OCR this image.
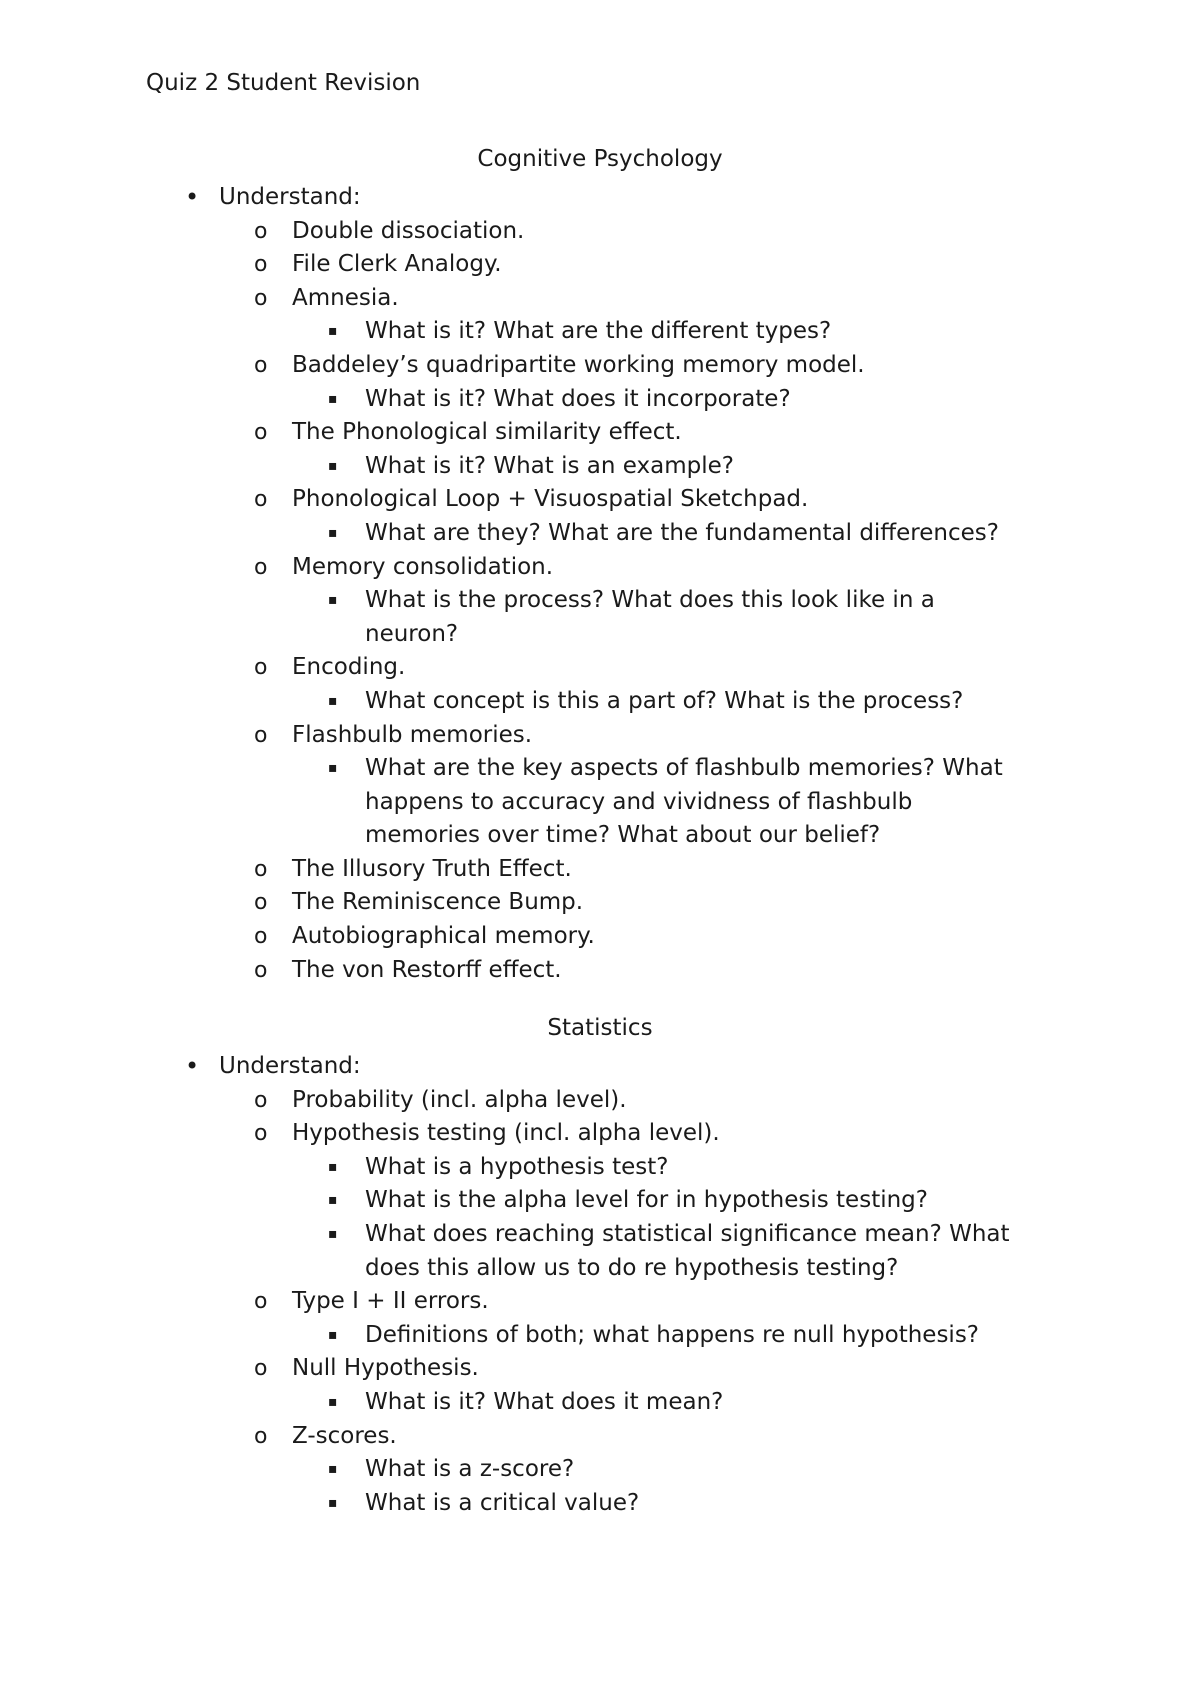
Quiz 2 Student Revision
Cognitive Psychology
• Understand:
o Double dissociation.
o File Clerk Analogy.
o Amnesia.
▪ What is it? What are the different types?
o Baddeley’s quadripartite working memory model.
▪ What is it? What does it incorporate?
o The Phonological similarity effect.
▪ What is it? What is an example?
o Phonological Loop + Visuospatial Sketchpad.
▪ What are they? What are the fundamental differences?
o Memory consolidation.
▪ What is the process? What does this look like in a
neuron?
o Encoding.
▪ What concept is this a part of? What is the process?
o Flashbulb memories.
▪ What are the key aspects of flashbulb memories? What
happens to accuracy and vividness of flashbulb
memories over time? What about our belief?
o The Illusory Truth Effect.
o The Reminiscence Bump.
o Autobiographical memory.
o The von Restorff effect.
Statistics
• Understand:
o Probability (incl. alpha level).
o Hypothesis testing (incl. alpha level).
▪ What is a hypothesis test?
▪ What is the alpha level for in hypothesis testing?
▪ What does reaching statistical significance mean? What
does this allow us to do re hypothesis testing?
o Type I + II errors.
▪ Definitions of both; what happens re null hypothesis?
o Null Hypothesis.
▪ What is it? What does it mean?
o Z-scores.
▪ What is a z-score?
▪ What is a critical value?
